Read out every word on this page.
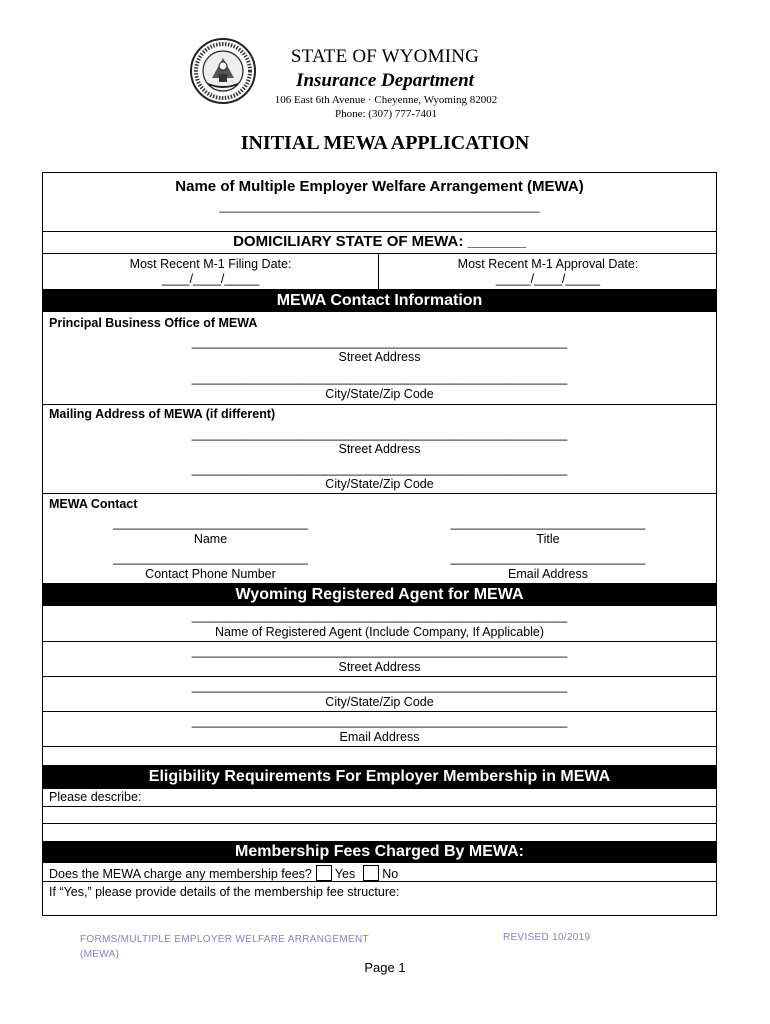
STATE OF WYOMING
Insurance Department
106 East 6th Avenue · Cheyenne, Wyoming 82002
Phone: (307) 777-7401
INITIAL MEWA APPLICATION
Name of Multiple Employer Welfare Arrangement (MEWA)
________________________________________________
DOMICILIARY STATE OF MEWA: _______
Most Recent M-1 Filing Date:
____/____/_____
Most Recent M-1 Approval Date:
_____/____/_____
MEWA Contact Information
Principal Business Office of MEWA
______________________________________________________
Street Address
______________________________________________________
City/State/Zip Code
Mailing Address of MEWA (if different)
______________________________________________________
Street Address
______________________________________________________
City/State/Zip Code
MEWA Contact
____________________________
Name
____________________________
Title
____________________________
Contact Phone Number
____________________________
Email Address
Wyoming Registered Agent for MEWA
______________________________________________________
Name of Registered Agent (Include Company, If Applicable)
______________________________________________________
Street Address
______________________________________________________
City/State/Zip Code
______________________________________________________
Email Address
Eligibility Requirements For Employer Membership in MEWA
Please describe:
Membership Fees Charged By MEWA:
Does the MEWA charge any membership fees? Yes No
If “Yes,” please provide details of the membership fee structure:
FORMS/MULTIPLE EMPLOYER WELFARE ARRANGEMENT (MEWA)
REVISED 10/2019
Page 1
